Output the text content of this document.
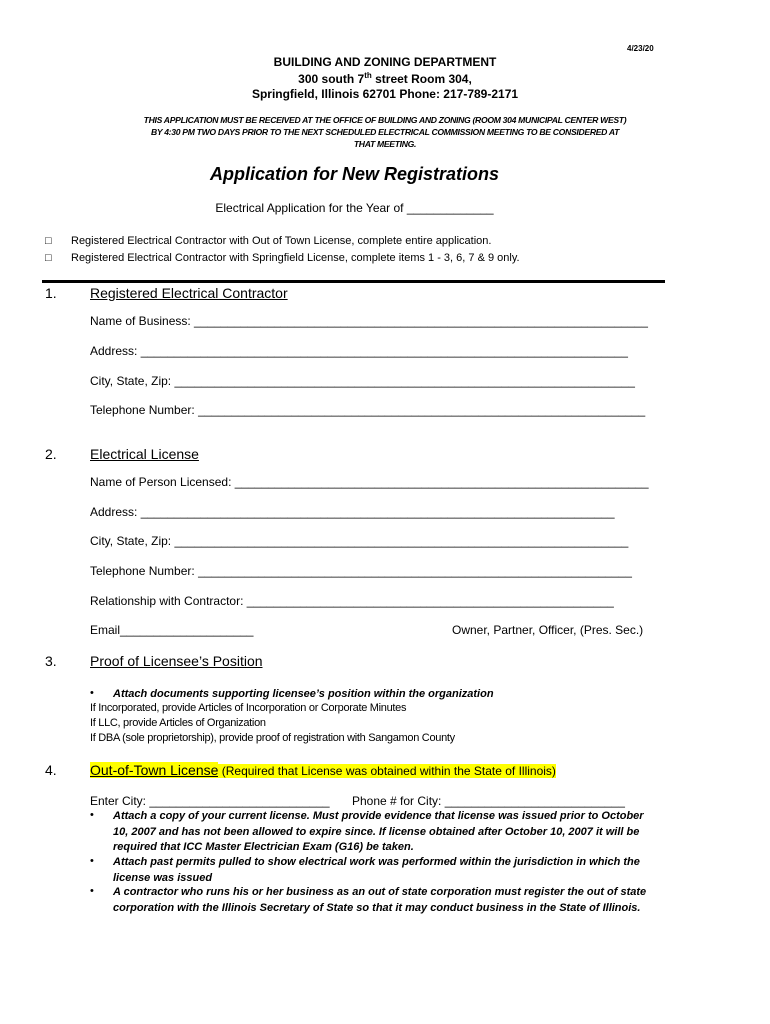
4/23/20
BUILDING AND ZONING DEPARTMENT
300 south 7th street Room 304,
Springfield, Illinois 62701 Phone: 217-789-2171
THIS APPLICATION MUST BE RECEIVED AT THE OFFICE OF BUILDING AND ZONING (ROOM 304 MUNICIPAL CENTER WEST)
BY 4:30 PM TWO DAYS PRIOR TO THE NEXT SCHEDULED ELECTRICAL COMMISSION MEETING TO BE CONSIDERED AT
THAT MEETING.
Application for New Registrations
Electrical Application for the Year of _____________
□ Registered Electrical Contractor with Out of Town License, complete entire application.
□ Registered Electrical Contractor with Springfield License, complete items 1 - 3, 6, 7 & 9 only.
1. Registered Electrical Contractor
Name of Business: ____________________________________________________________________
Address: _________________________________________________________________________
City, State, Zip: _____________________________________________________________________
Telephone Number: ___________________________________________________________________
2. Electrical License
Name of Person Licensed: ______________________________________________________________
Address: _______________________________________________________________________
City, State, Zip: ____________________________________________________________________
Telephone Number: _________________________________________________________________
Relationship with Contractor: _______________________________________________________
Email____________________	Owner, Partner, Officer, (Pres. Sec.)
3. Proof of Licensee’s Position
• Attach documents supporting licensee’s position within the organization
If Incorporated, provide Articles of Incorporation or Corporate Minutes
If LLC, provide Articles of Organization
If DBA (sole proprietorship), provide proof of registration with Sangamon County
4. Out-of-Town License (Required that License was obtained within the State of Illinois)
Enter City: ___________________________ Phone # for City: ___________________________
• Attach a copy of your current license. Must provide evidence that license was issued prior to October 10, 2007 and has not been allowed to expire since. If license obtained after October 10, 2007 it will be required that ICC Master Electrician Exam (G16) be taken.
• Attach past permits pulled to show electrical work was performed within the jurisdiction in which the license was issued
• A contractor who runs his or her business as an out of state corporation must register the out of state corporation with the Illinois Secretary of State so that it may conduct business in the State of Illinois.
